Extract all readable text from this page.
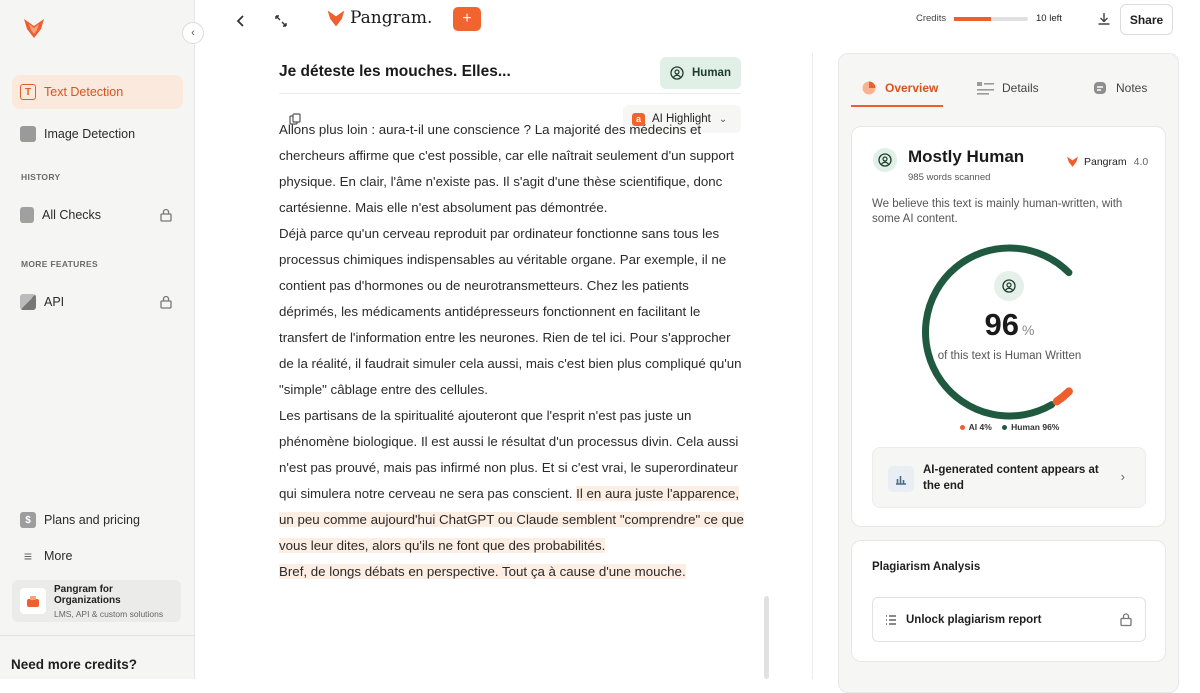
‹
T	Text Detection
Image Detection
HISTORY
All Checks
MORE FEATURES
API
$	Plans and pricing
≡ More
Pangram for Organizations
LMS, API & custom solutions
Need more credits?
Pangram. +	Credits	10 left	Share
Je déteste les mouches. Elles...	Human
a AI Highlight ⌄
Allons plus loin : aura-t-il une conscience ? La majorité des médecins et
chercheurs affirme que c'est possible, car elle naîtrait seulement d'un support
physique. En clair, l'âme n'existe pas. Il s'agit d'une thèse scientifique, donc
cartésienne. Mais elle n'est absolument pas démontrée.
Déjà parce qu'un cerveau reproduit par ordinateur fonctionne sans tous les
processus chimiques indispensables au véritable organe. Par exemple, il ne
contient pas d'hormones ou de neurotransmetteurs. Chez les patients
déprimés, les médicaments antidépresseurs fonctionnent en facilitant le
transfert de l'information entre les neurones. Rien de tel ici. Pour s'approcher
de la réalité, il faudrait simuler cela aussi, mais c'est bien plus compliqué qu'un
"simple" câblage entre des cellules.
Les partisans de la spiritualité ajouteront que l'esprit n'est pas juste un
phénomène biologique. Il est aussi le résultat d'un processus divin. Cela aussi
n'est pas prouvé, mais pas infirmé non plus. Et si c'est vrai, le superordinateur
qui simulera notre cerveau ne sera pas conscient. Il en aura juste l'apparence,
un peu comme aujourd'hui ChatGPT ou Claude semblent "comprendre" ce que
vous leur dites, alors qu'ils ne font que des probabilités.
Bref, de longs débats en perspective. Tout ça à cause d'une mouche.
Overview	Details	Notes
Mostly Human
985 words scanned
Pangram 4.0
We believe this text is mainly human-written, with some AI content.
96 %
of this text is Human Written
AI 4% Human 96%
AI-generated content appears at the end
›
Plagiarism Analysis
Unlock plagiarism report
